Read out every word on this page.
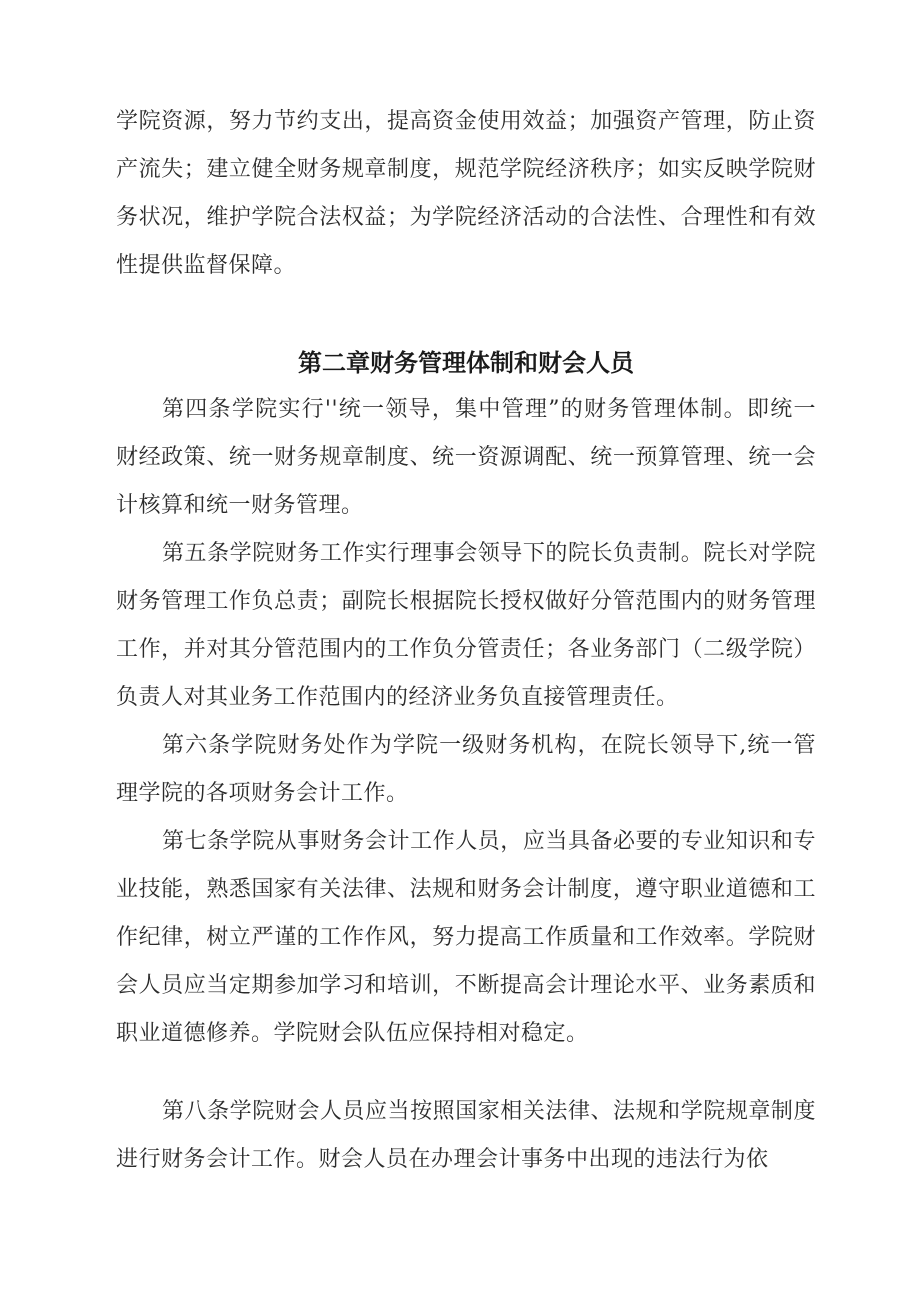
学院资源，努力节约支出，提高资金使用效益；加强资产管理，防止资产流失；建立健全财务规章制度，规范学院经济秩序；如实反映学院财务状况，维护学院合法权益；为学院经济活动的合法性、合理性和有效性提供监督保障。

第二章财务管理体制和财会人员

第四条学院实行''统一领导，集中管理”的财务管理体制。即统一财经政策、统一财务规章制度、统一资源调配、统一预算管理、统一会计核算和统一财务管理。

第五条学院财务工作实行理事会领导下的院长负责制。院长对学院财务管理工作负总责；副院长根据院长授权做好分管范围内的财务管理工作，并对其分管范围内的工作负分管责任；各业务部门（二级学院）负责人对其业务工作范围内的经济业务负直接管理责任。

第六条学院财务处作为学院一级财务机构，在院长领导下,统一管理学院的各项财务会计工作。

第七条学院从事财务会计工作人员，应当具备必要的专业知识和专业技能，熟悉国家有关法律、法规和财务会计制度，遵守职业道德和工作纪律，树立严谨的工作作风，努力提高工作质量和工作效率。学院财会人员应当定期参加学习和培训，不断提高会计理论水平、业务素质和职业道德修养。学院财会队伍应保持相对稳定。

第八条学院财会人员应当按照国家相关法律、法规和学院规章制度进行财务会计工作。财会人员在办理会计事务中出现的违法行为依
